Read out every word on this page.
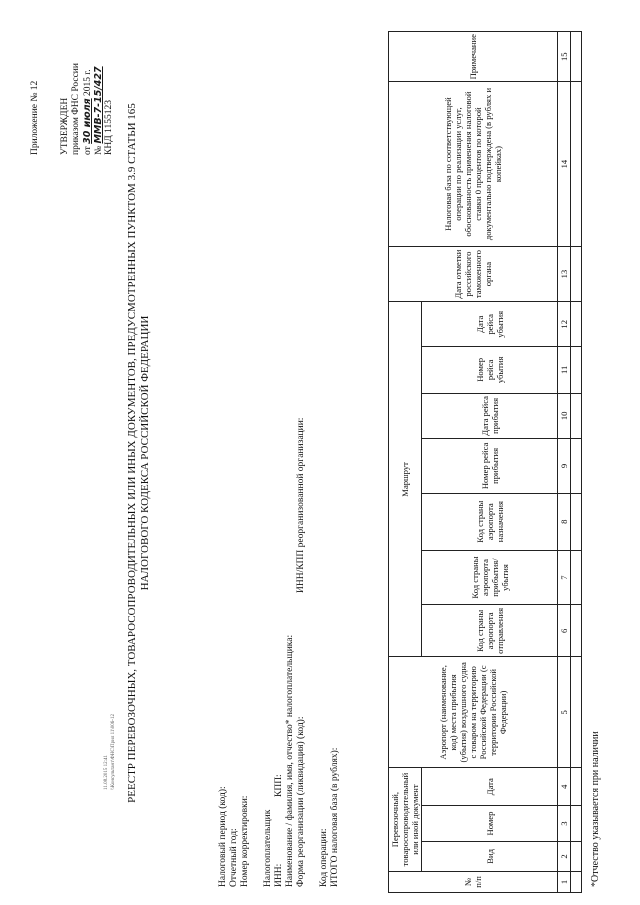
Приложение № 12 УТВЕРЖДЕН приказом ФНС России от 30 июля 2015 г.
№ ММВ-7-15/427 КНД 1155123 РЕЕСТР ПЕРЕВОЗОЧНЫХ, ТОВАРОСОПРОВОДИТЕЛЬНЫХ ИЛИ ИНЫХ ДОКУМЕНТОВ, ПРЕДУСМОТРЕННЫХ ПУНКТОМ 3.9 СТАТЬИ 165 НАЛОГОВОГО КОДЕКСА РОССИЙСКОЙ ФЕДЕРАЦИИ
Налоговый период (код): Отчетный год: Номер корректировки: Налогоплательщик ИНН:
КПП: Наименование / фамилия, имя, отчество* налогоплательщика: Форма реорганизации (ликвидация) (код):
ИНН/КПП реорганизованной организации:
Код операции: ИТОГО налоговая база (в рублях):	№ п/п	Перевозочный, товаросопроводительный или иной документ			Аэропорт (наименование, код) места прибытия (убытия) воздушного судна с товаром на территорию Российской Федерации (с территории Российской Федерации)	Маршрут							Дата отметки российского таможенного органа	Налоговая база по соответствующей операции по реализации услуг, обоснованность применения налоговой ставки 0 процентов по которой документально подтверждена (в рублях и копейках)	Примечание
	Вид	Номер	Дата		Код страны аэропорта отправления	Код страны аэропорта прибытия/ убытия	Код страны аэропорта назначения	Номер рейса прибытия	Дата рейса прибытия	Номер рейса убытия	Дата рейса убытия			
1	2	3	4	5	6	7	8	9	10	11	12	13	14	15

*Отчество указывается при наличии
11.08.2015 12:41 \\Консультант\ФНС\Прил 11\006-12
